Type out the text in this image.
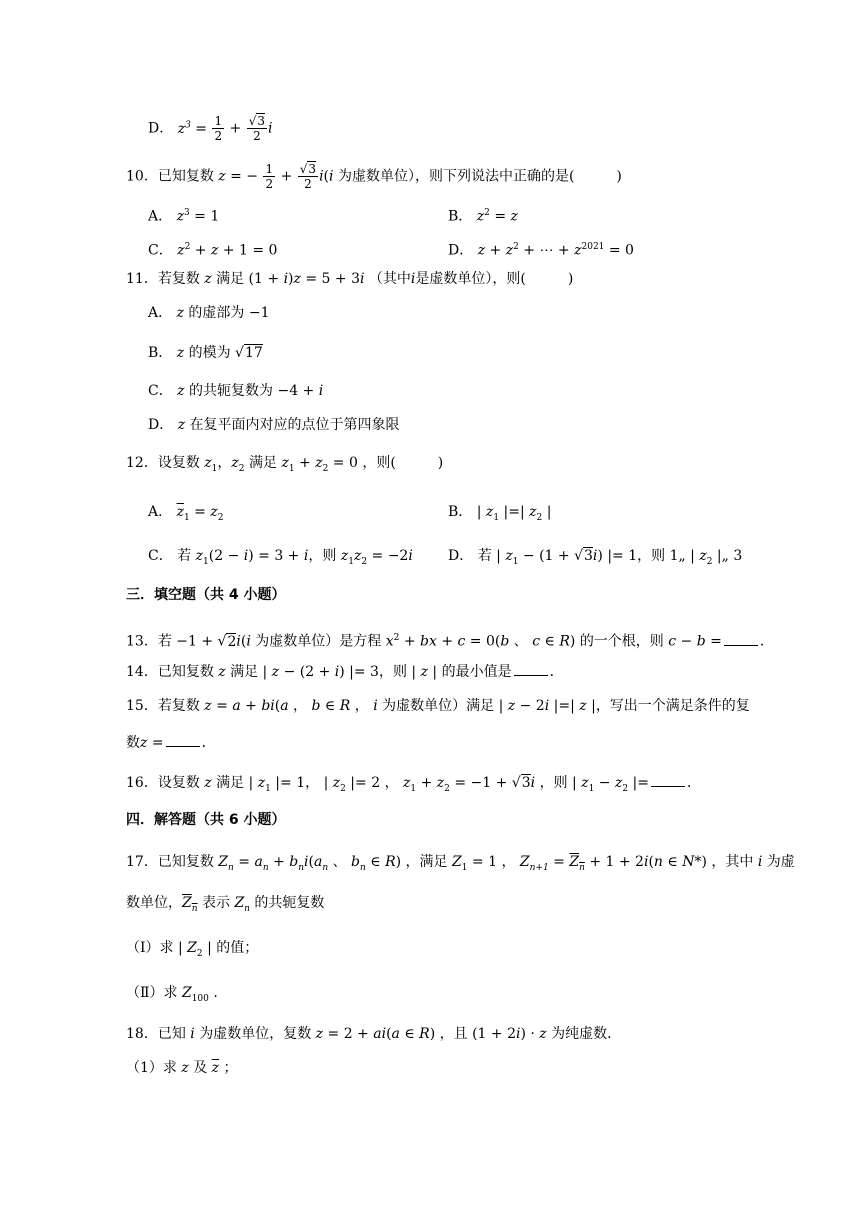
D． $z^3 = \frac{1}{2} + \frac{√3}{2}$ i
10．已知复数 z = − $\frac{1}{2} + \frac{√3}{2} i(i$ 为虚数单位），则下列说法中正确的是(　　　)
A． $z^3 = 1$	B． $z^2 = z$
C． $z^2 + z + 1 = 0$	D． $z + z^2$ + ⋯ + $z^{2021} = 0$
11．若复数 z 满足 (1 + i)z = 5 + 3i （其中i是虚数单位），则(　　　)
A． z 的虚部为 −1
B． z 的模为 √17
C． z 的共轭复数为 −4 + i
D． z 在复平面内对应的点位于第四象限
12．设复数 $z_1$，$z_2$ 满足 $z_1 + z_2 = 0$ ，则(　　　)
A． $\overline{z}_1 = z_2$	B． | $z_1$ |=| $z_2$ |
C． 若 $z_1(2 - i) = 3 + i$，则 $z_1z_2 = -2i$	D． 若 | $z_1 - (1 + √3i)$ |= 1，则 1„ | $z_2$ |„ 3
三．填空题（共 4 小题）
13．若 −1 + √2i(i 为虚数单位）是方程 $x^2$ + bx + c = 0(b 、 c ∈ R) 的一个根，则 c − b =	．
14．已知复数 z 满足 | z − (2 + i) |= 3，则 | z | 的最小值是	．
15．若复数 z = a + bi(a ， b ∈ R ， i 为虚数单位）满足 | z − 2i |=| z |，写出一个满足条件的复
数z =	．
16．设复数 z 满足 | $z_1$ |= 1， | $z_2$ |= 2 ， $z_1 + z_2 = -1 + √3i$ ，则 | $z_1 - z_2$ |=	．
四．解答题（共 6 小题）
17．已知复数 $Z_n = a_n + b_ni(a_n$ 、 $b_n$ ∈ R) ，满足 $Z_1 = 1$ ， $Z_{n+1} = Z_n + 1 + 2i(n$ ∈ N*) ，其中 i 为虚
数单位，$Z_n$ 表示 $Z_n$ 的共轭复数
（Ⅰ）求 | $Z_2$ | 的值；
（Ⅱ）求 $Z_{100}$ .
18．已知 i 为虚数单位，复数 z = 2 + ai(a ∈ R) ，且 (1 + 2i) · z 为纯虚数．
（1）求 z 及 $\overline{z}$ ；
